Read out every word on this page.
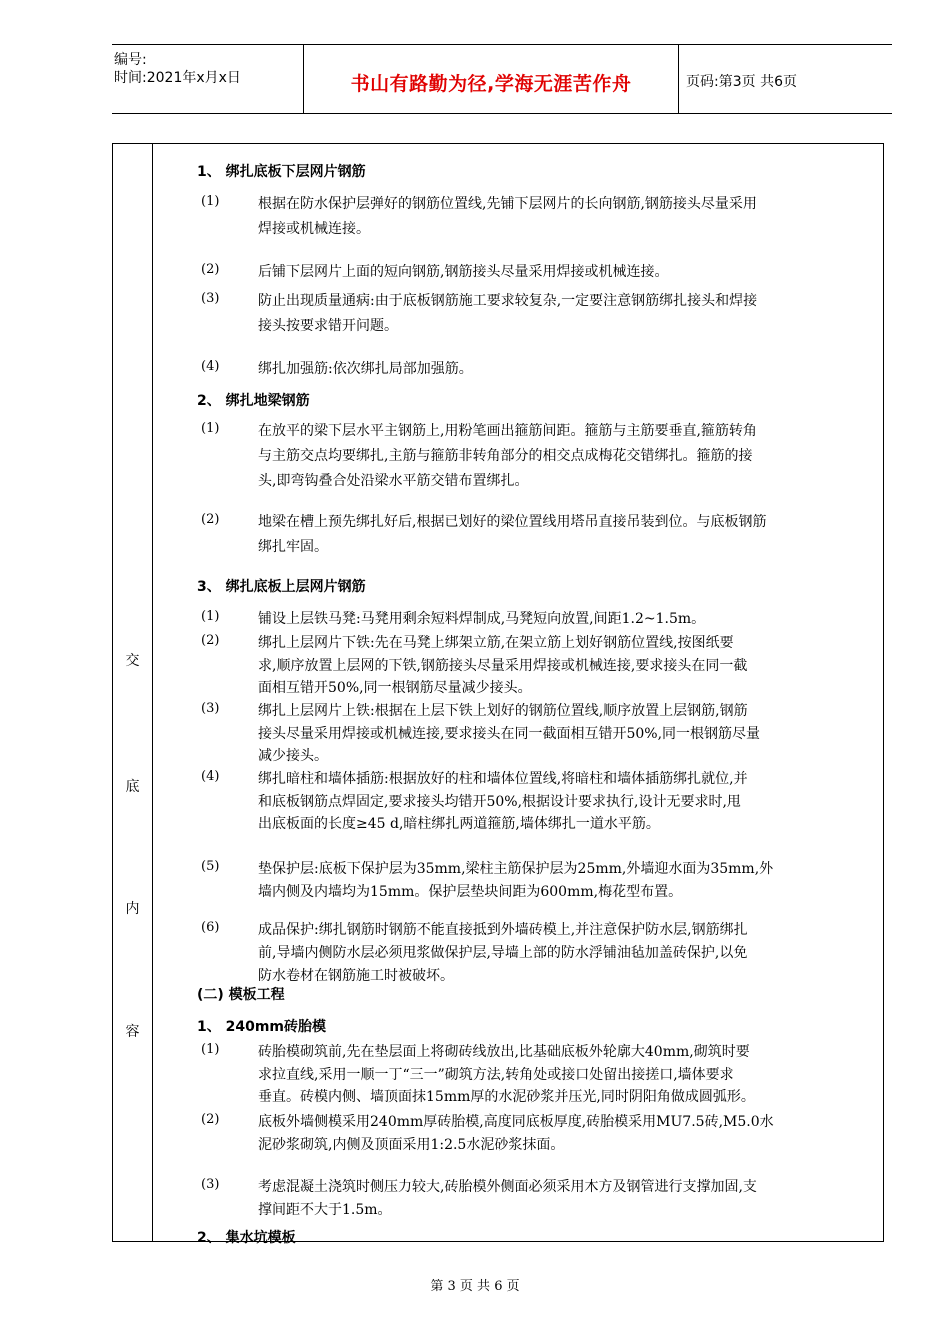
编号:
时间:2021年x月x日	书山有路勤为径,学海无涯苦作舟	页码:第3页 共6页
交
底
内
容
1、 绑扎底板下层网片钢筋
(1)	根据在防水保护层弹好的钢筋位置线,先铺下层网片的长向钢筋,钢筋接头尽量采用
焊接或机械连接。
(2)	后铺下层网片上面的短向钢筋,钢筋接头尽量采用焊接或机械连接。
(3)	防止出现质量通病:由于底板钢筋施工要求较复杂,一定要注意钢筋绑扎接头和焊接
接头按要求错开问题。
(4)	绑扎加强筋:依次绑扎局部加强筋。
2、 绑扎地梁钢筋
(1)	在放平的梁下层水平主钢筋上,用粉笔画出箍筋间距。箍筋与主筋要垂直,箍筋转角
与主筋交点均要绑扎,主筋与箍筋非转角部分的相交点成梅花交错绑扎。箍筋的接
头,即弯钩叠合处沿梁水平筋交错布置绑扎。
(2)	地梁在槽上预先绑扎好后,根据已划好的梁位置线用塔吊直接吊装到位。与底板钢筋
绑扎牢固。
3、 绑扎底板上层网片钢筋
(1)	铺设上层铁马凳:马凳用剩余短料焊制成,马凳短向放置,间距1.2~1.5m。
(2)	绑扎上层网片下铁:先在马凳上绑架立筋,在架立筋上划好钢筋位置线,按图纸要
求,顺序放置上层网的下铁,钢筋接头尽量采用焊接或机械连接,要求接头在同一截
面相互错开50%,同一根钢筋尽量减少接头。
(3)	绑扎上层网片上铁:根据在上层下铁上划好的钢筋位置线,顺序放置上层钢筋,钢筋
接头尽量采用焊接或机械连接,要求接头在同一截面相互错开50%,同一根钢筋尽量
减少接头。
(4)	绑扎暗柱和墙体插筋:根据放好的柱和墙体位置线,将暗柱和墙体插筋绑扎就位,并
和底板钢筋点焊固定,要求接头均错开50%,根据设计要求执行,设计无要求时,甩
出底板面的长度≥45 d,暗柱绑扎两道箍筋,墙体绑扎一道水平筋。
(5)	垫保护层:底板下保护层为35mm,梁柱主筋保护层为25mm,外墙迎水面为35mm,外
墙内侧及内墙均为15mm。保护层垫块间距为600mm,梅花型布置。
(6)	成品保护:绑扎钢筋时钢筋不能直接抵到外墙砖模上,并注意保护防水层,钢筋绑扎
前,导墙内侧防水层必须甩浆做保护层,导墙上部的防水浮铺油毡加盖砖保护,以免
防水卷材在钢筋施工时被破坏。
(二) 模板工程
1、 240mm砖胎模
(1)	砖胎模砌筑前,先在垫层面上将砌砖线放出,比基础底板外轮廓大40mm,砌筑时要
求拉直线,采用一顺一丁“三一”砌筑方法,转角处或接口处留出接搓口,墙体要求
垂直。砖模内侧、墙顶面抹15mm厚的水泥砂浆并压光,同时阴阳角做成圆弧形。
(2)	底板外墙侧模采用240mm厚砖胎模,高度同底板厚度,砖胎模采用MU7.5砖,M5.0水
泥砂浆砌筑,内侧及顶面采用1:2.5水泥砂浆抹面。
(3)	考虑混凝土浇筑时侧压力较大,砖胎模外侧面必须采用木方及钢管进行支撑加固,支
撑间距不大于1.5m。
2、 集水坑模板
第 3 页 共 6 页
